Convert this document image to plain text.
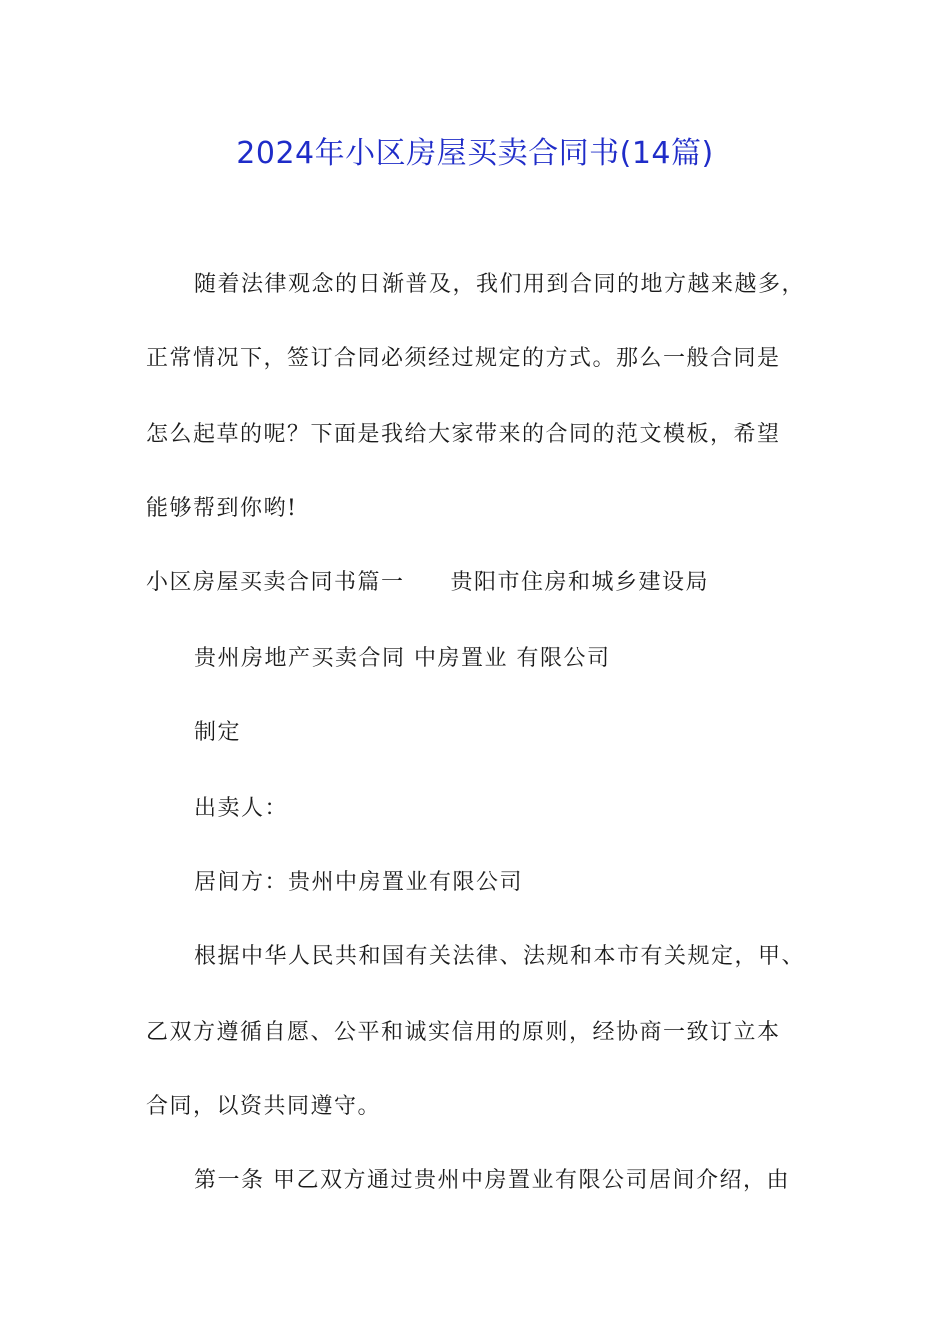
2024年小区房屋买卖合同书(14篇)
随着法律观念的日渐普及，我们用到合同的地方越来越多，
正常情况下，签订合同必须经过规定的方式。那么一般合同是
怎么起草的呢？下面是我给大家带来的合同的范文模板，希望
能够帮到你哟!
小区房屋买卖合同书篇一 贵阳市住房和城乡建设局
贵州房地产买卖合同 中房置业 有限公司
制定
出卖人：
居间方：贵州中房置业有限公司
根据中华人民共和国有关法律、法规和本市有关规定，甲、
乙双方遵循自愿、公平和诚实信用的原则，经协商一致订立本
合同，以资共同遵守。
第一条 甲乙双方通过贵州中房置业有限公司居间介绍，由
